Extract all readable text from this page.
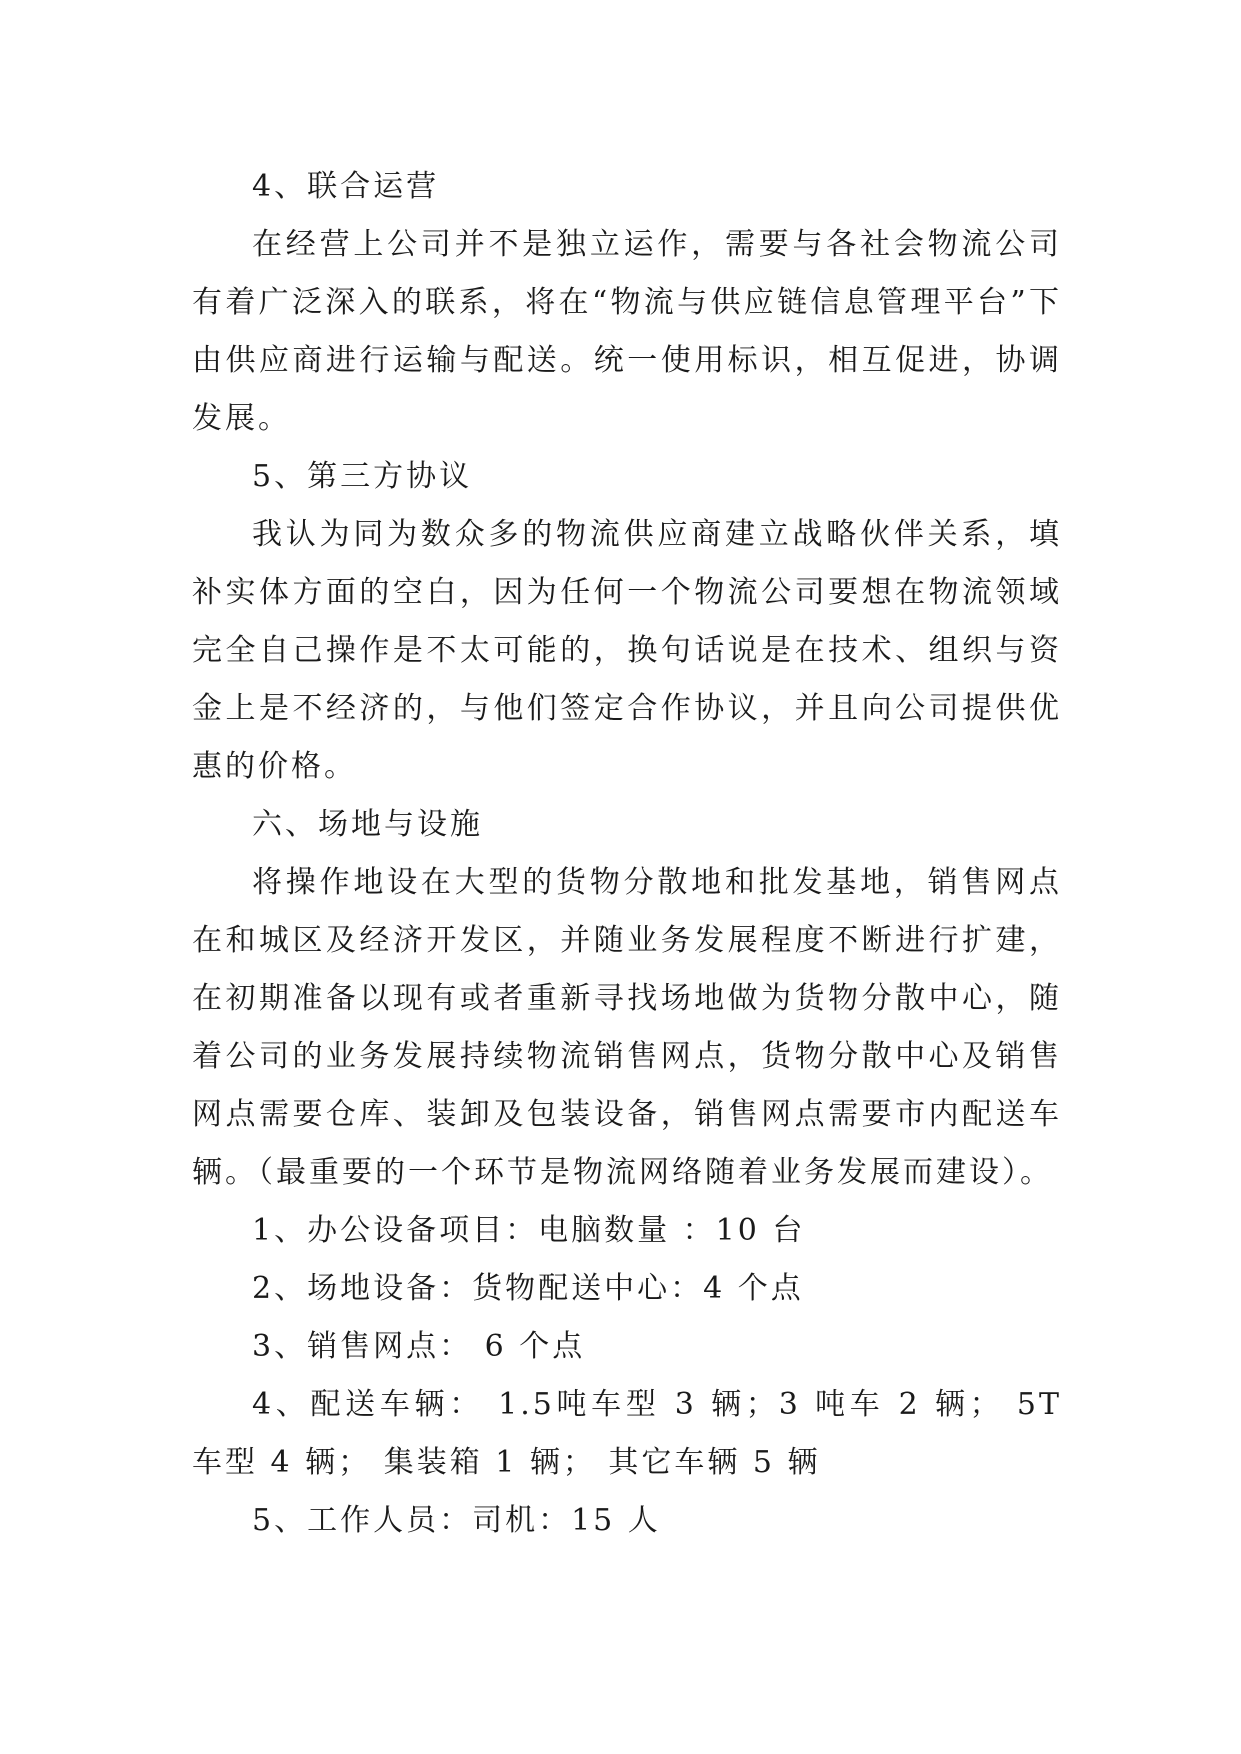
4、联合运营

在经营上公司并不是独立运作，需要与各社会物流公司有着广泛深入的联系，将在“物流与供应链信息管理平台”下由供应商进行运输与配送。统一使用标识，相互促进，协调发展。

5、第三方协议

我认为同为数众多的物流供应商建立战略伙伴关系，填补实体方面的空白，因为任何一个物流公司要想在物流领域完全自己操作是不太可能的，换句话说是在技术、组织与资金上是不经济的，与他们签定合作协议，并且向公司提供优惠的价格。

六、场地与设施

将操作地设在大型的货物分散地和批发基地，销售网点在和城区及经济开发区，并随业务发展程度不断进行扩建，在初期准备以现有或者重新寻找场地做为货物分散中心，随着公司的业务发展持续物流销售网点，货物分散中心及销售网点需要仓库、装卸及包装设备，销售网点需要市内配送车辆。（最重要的一个环节是物流网络随着业务发展而建设）。

1、办公设备项目：电脑数量 ：10 台

2、场地设备：货物配送中心：4 个点

3、销售网点： 6 个点

4、配送车辆： 1.5吨车型 3 辆；3 吨车 2 辆； 5T 车型 4 辆； 集装箱 1 辆； 其它车辆 5 辆

5、工作人员：司机：15 人
